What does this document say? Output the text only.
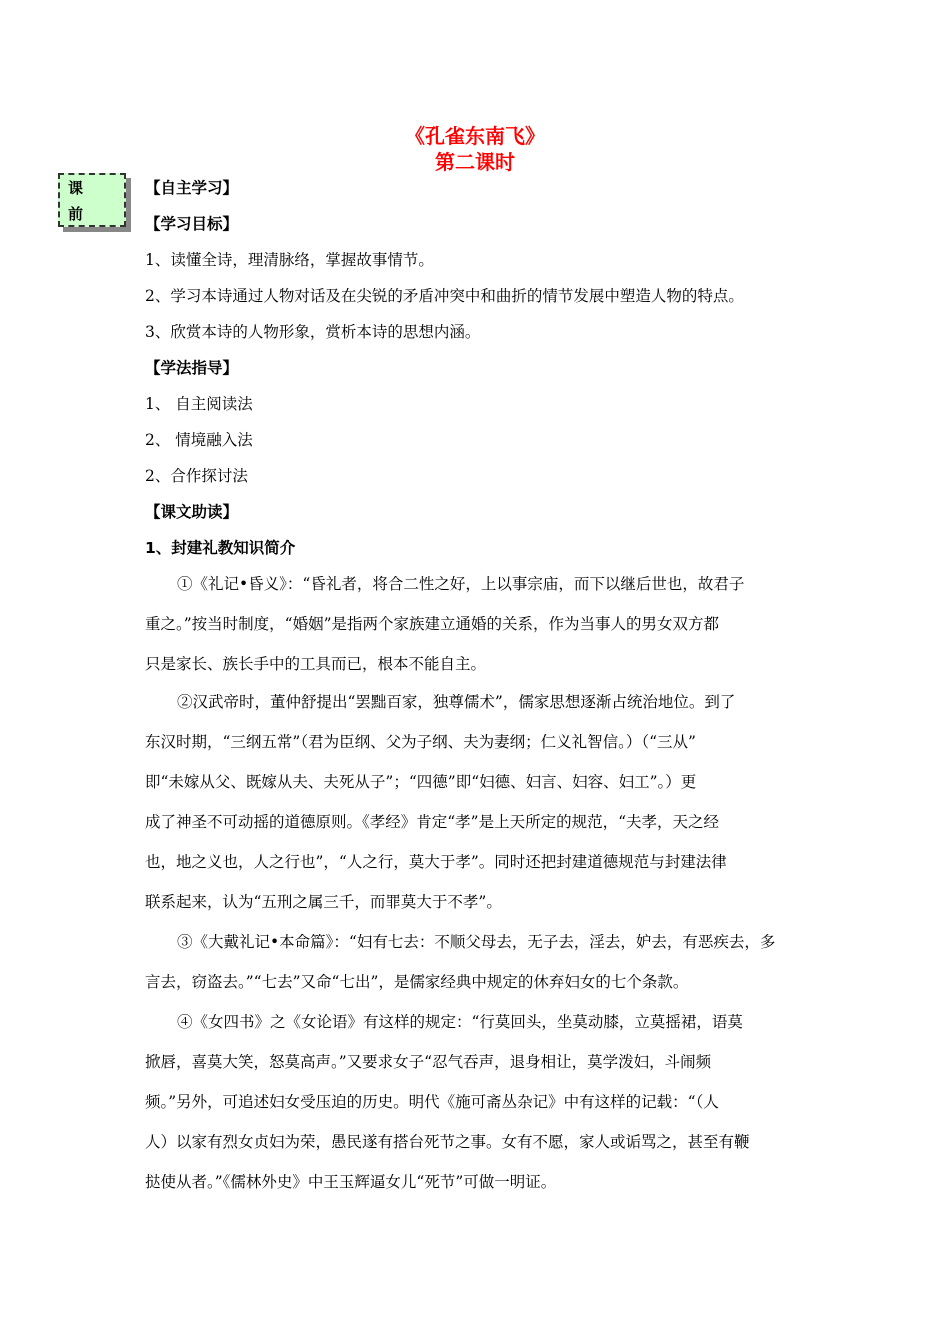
《孔雀东南飞》
第二课时
课
前
【自主学习】
【学习目标】
1、读懂全诗，理清脉络，掌握故事情节。
2、学习本诗通过人物对话及在尖锐的矛盾冲突中和曲折的情节发展中塑造人物的特点。
3、欣赏本诗的人物形象，赏析本诗的思想内涵。
【学法指导】
1、 自主阅读法
2、 情境融入法
2、合作探讨法
【课文助读】
1、封建礼教知识简介
①《礼记•昏义》：“昏礼者，将合二性之好，上以事宗庙，而下以继后世也，故君子
重之。”按当时制度，“婚姻”是指两个家族建立通婚的关系，作为当事人的男女双方都
只是家长、族长手中的工具而已，根本不能自主。
②汉武帝时，董仲舒提出“罢黜百家，独尊儒术”，儒家思想逐渐占统治地位。到了
东汉时期，“三纲五常”（君为臣纲、父为子纲、夫为妻纲；仁义礼智信。）（“三从”
即“未嫁从父、既嫁从夫、夫死从子”；“四德”即“妇德、妇言、妇容、妇工”。）更
成了神圣不可动摇的道德原则。《孝经》肯定“孝”是上天所定的规范，“夫孝，天之经
也，地之义也，人之行也”，“人之行，莫大于孝”。同时还把封建道德规范与封建法律
联系起来，认为“五刑之属三千，而罪莫大于不孝”。
③《大戴礼记•本命篇》：“妇有七去：不顺父母去，无子去，淫去，妒去，有恶疾去，多
言去，窃盗去。”“七去”又命“七出”，是儒家经典中规定的休弃妇女的七个条款。
④《女四书》之《女论语》有这样的规定：“行莫回头，坐莫动膝，立莫摇裙，语莫
掀唇，喜莫大笑，怒莫高声。”又要求女子“忍气吞声，退身相让，莫学泼妇，斗闹频
频。”另外，可追述妇女受压迫的历史。明代《施可斋丛杂记》中有这样的记载：“（人
人）以家有烈女贞妇为荣，愚民遂有搭台死节之事。女有不愿，家人或诟骂之，甚至有鞭
挞使从者。”《儒林外史》中王玉辉逼女儿“死节”可做一明证。
